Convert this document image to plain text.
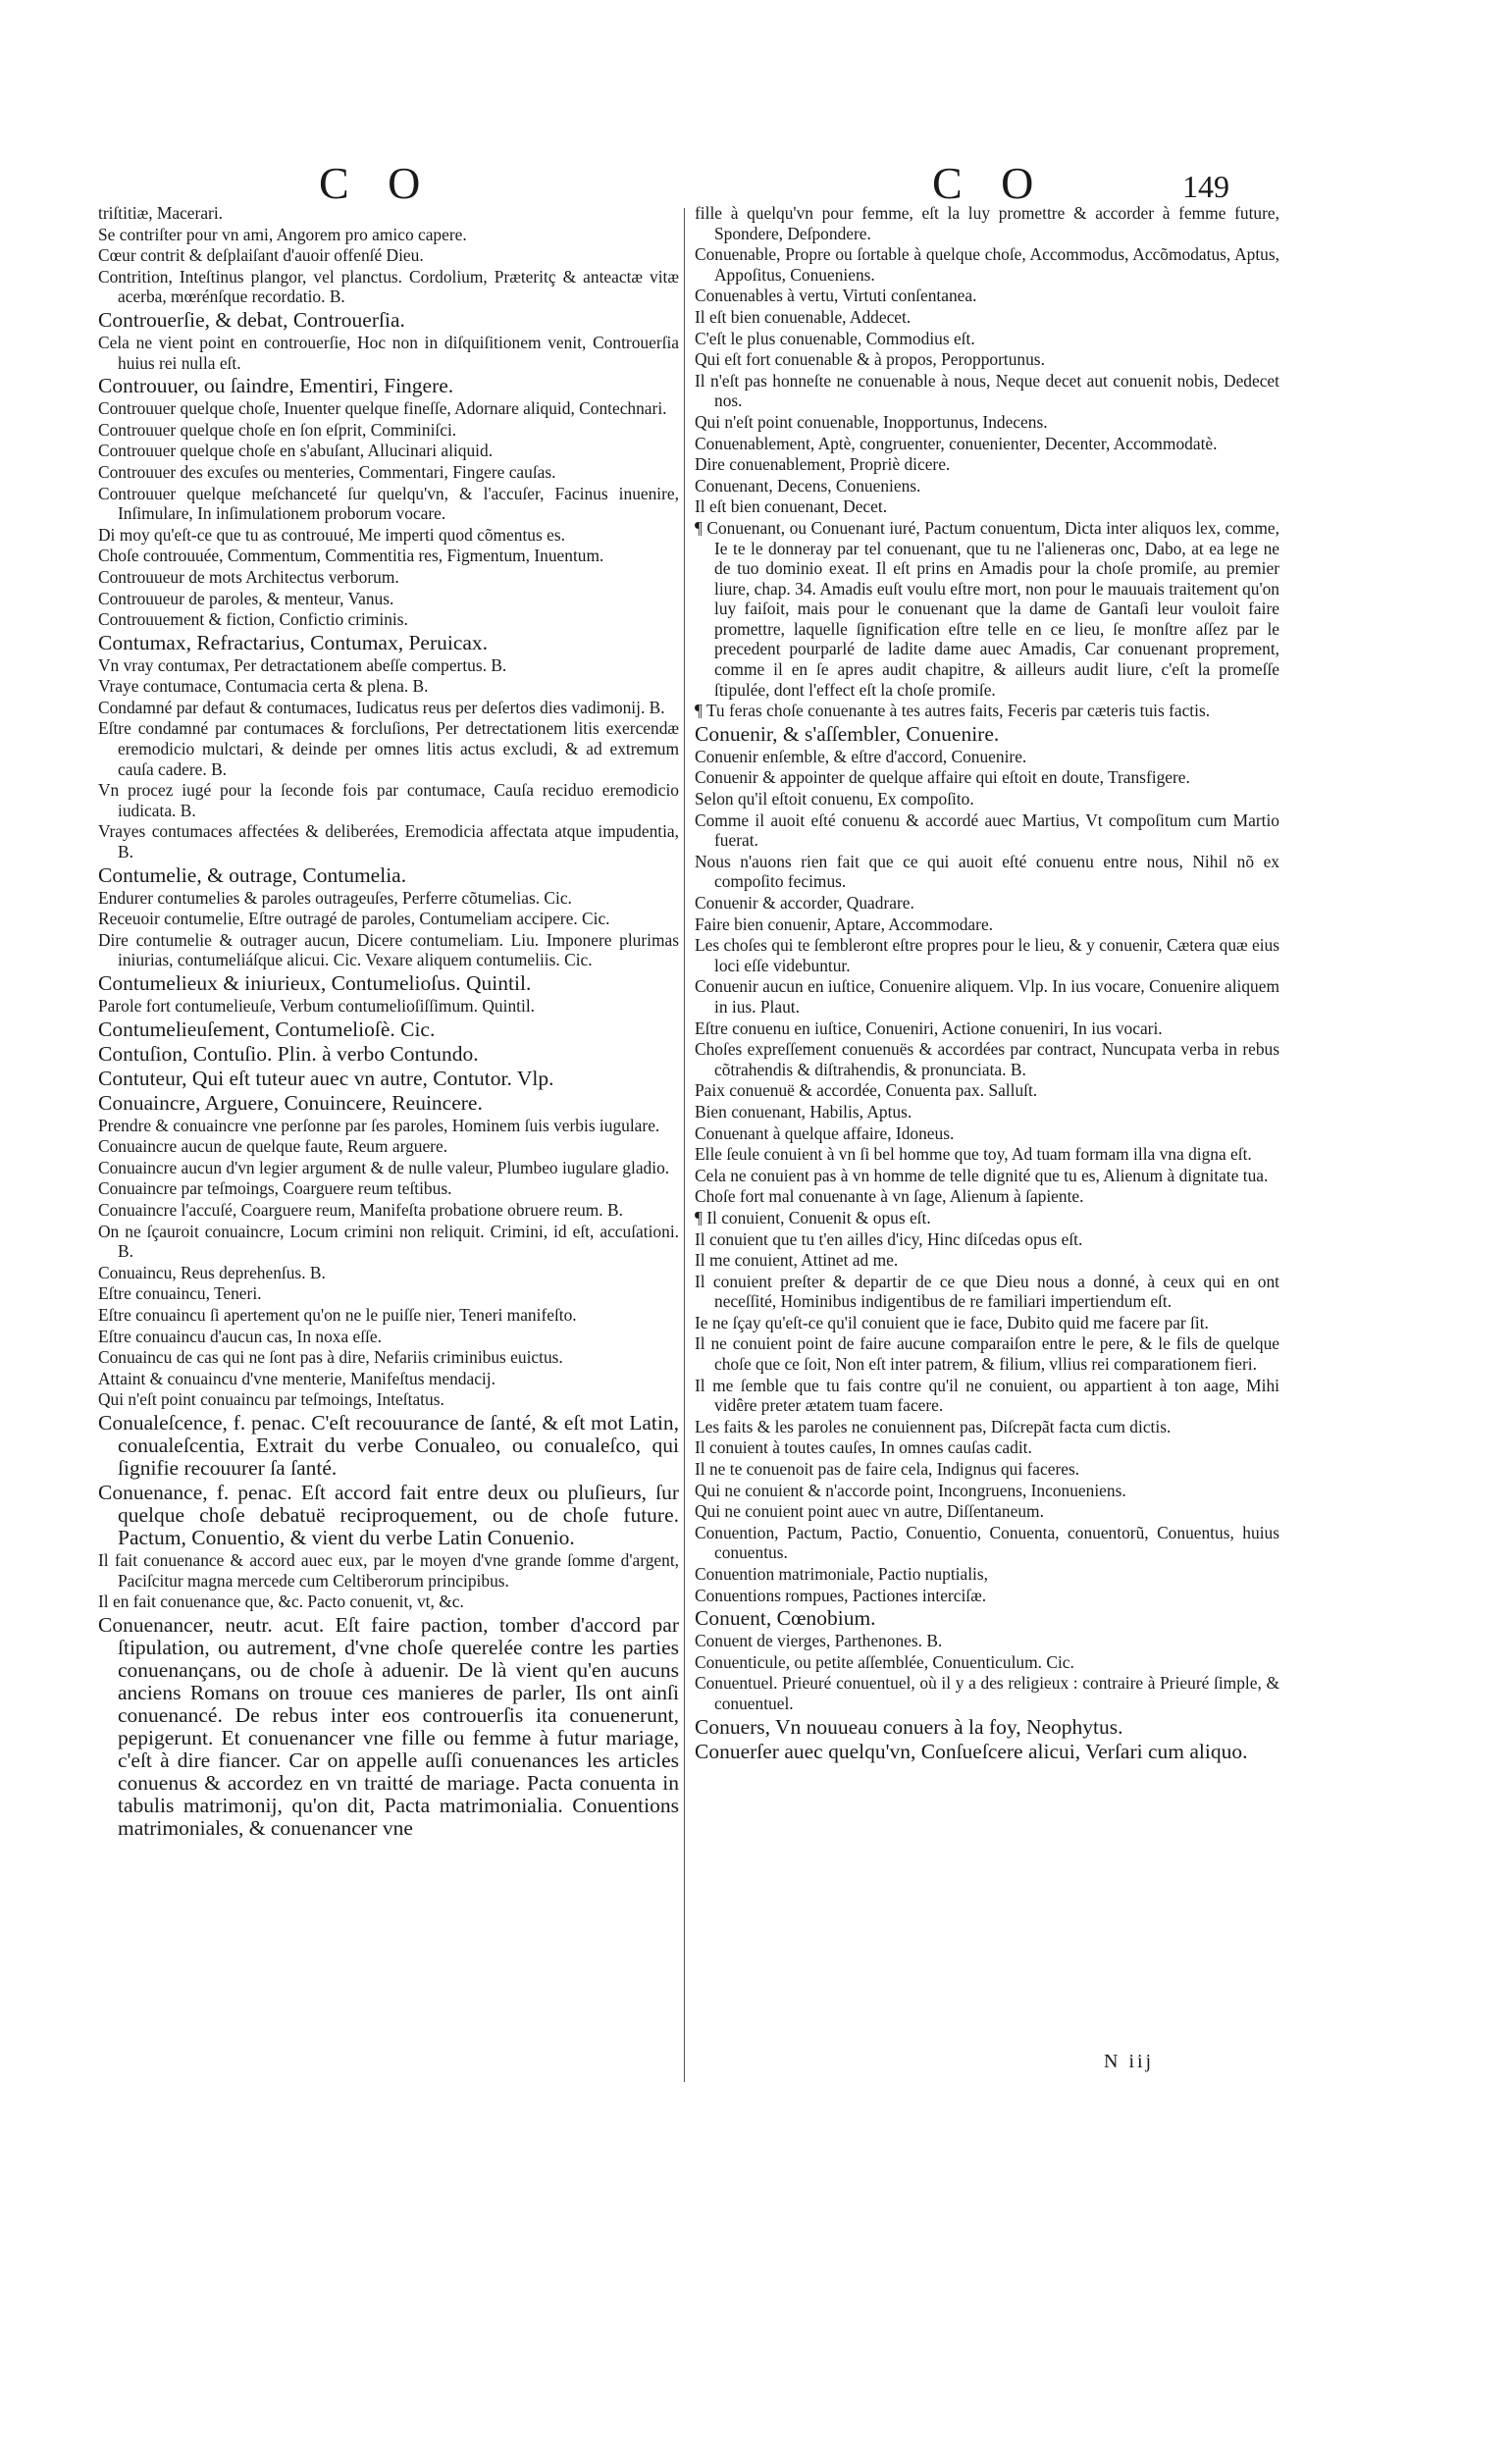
C O	C O	149

triſtitiæ, Macerari.

Se contriſter pour vn ami, Angorem pro amico capere.

Cœur contrit & deſplaiſant d'auoir offenſé Dieu.

Contrition, Inteſtinus plangor, vel planctus. Cordolium, Præteritç & anteactæ vitæ acerba, mœrénſque recordatio. B.

Controuerſie, & debat, Controuerſia.

Cela ne vient point en controuerſie, Hoc non in diſquiſitionem venit, Controuerſia huius rei nulla eſt.

Controuuer, ou ſaindre, Ementiri, Fingere.

Controuuer quelque choſe, Inuenter quelque fineſſe, Adornare aliquid, Contechnari.

Controuuer quelque choſe en ſon eſprit, Comminiſci.

Controuuer quelque choſe en s'abuſant, Allucinari aliquid.

Controuuer des excuſes ou menteries, Commentari, Fingere cauſas.

Controuuer quelque meſchanceté ſur quelqu'vn, & l'accuſer, Facinus inuenire, Inſimulare, In inſimulationem proborum vocare.

Di moy qu'eſt-ce que tu as controuué, Me imperti quod cõmentus es.

Choſe controuuée, Commentum, Commentitia res, Figmentum, Inuentum.

Controuueur de mots Architectus verborum.

Controuueur de paroles, & menteur, Vanus.

Controuuement & fiction, Confictio criminis.

Contumax, Refractarius, Contumax, Peruicax.

Vn vray contumax, Per detractationem abeſſe compertus. B.

Vraye contumace, Contumacia certa & plena. B.

Condamné par defaut & contumaces, Iudicatus reus per deſertos dies vadimonij. B.

Eſtre condamné par contumaces & forcluſions, Per detrectationem litis exercendæ eremodicio mulctari, & deinde per omnes litis actus excludi, & ad extremum cauſa cadere. B.

Vn procez iugé pour la ſeconde fois par contumace, Cauſa reciduo eremodicio iudicata. B.

Vrayes contumaces affectées & deliberées, Eremodicia affectata atque impudentia, B.

Contumelie, & outrage, Contumelia.

Endurer contumelies & paroles outrageuſes, Perferre cõtumelias. Cic.

Receuoir contumelie, Eſtre outragé de paroles, Contumeliam accipere. Cic.

Dire contumelie & outrager aucun, Dicere contumeliam. Liu. Imponere plurimas iniurias, contumeliáſque alicui. Cic. Vexare aliquem contumeliis. Cic.

Contumelieux & iniurieux, Contumelioſus. Quintil.

Parole fort contumelieuſe, Verbum contumelioſiſſimum. Quintil.

Contumelieuſement, Contumelioſè. Cic.

Contuſion, Contuſio. Plin. à verbo Contundo.

Contuteur, Qui eſt tuteur auec vn autre, Contutor. Vlp.

Conuaincre, Arguere, Conuincere, Reuincere.

Prendre & conuaincre vne perſonne par ſes paroles, Hominem ſuis verbis iugulare.

Conuaincre aucun de quelque faute, Reum arguere.

Conuaincre aucun d'vn legier argument & de nulle valeur, Plumbeo iugulare gladio.

Conuaincre par teſmoings, Coarguere reum teſtibus.

Conuaincre l'accuſé, Coarguere reum, Manifeſta probatione obruere reum. B.

On ne ſçauroit conuaincre, Locum crimini non reliquit. Crimini, id eſt, accuſationi. B.

Conuaincu, Reus deprehenſus. B.

Eſtre conuaincu, Teneri.

Eſtre conuaincu ſi apertement qu'on ne le puiſſe nier, Teneri manifeſto.

Eſtre conuaincu d'aucun cas, In noxa eſſe.

Conuaincu de cas qui ne ſont pas à dire, Nefariis criminibus euictus.

Attaint & conuaincu d'vne menterie, Manifeſtus mendacij.

Qui n'eſt point conuaincu par teſmoings, Inteſtatus.

Conualeſcence, f. penac. C'eſt recouurance de ſanté, & eſt mot Latin, conualeſcentia, Extrait du verbe Conualeo, ou conualeſco, qui ſignifie recouurer ſa ſanté.

Conuenance, f. penac. Eſt accord fait entre deux ou pluſieurs, ſur quelque choſe debatuë reciproquement, ou de choſe future. Pactum, Conuentio, & vient du verbe Latin Conuenio.

Il fait conuenance & accord auec eux, par le moyen d'vne grande ſomme d'argent, Paciſcitur magna mercede cum Celtiberorum principibus.

Il en fait conuenance que, &c. Pacto conuenit, vt, &c.

Conuenancer, neutr. acut. Eſt faire paction, tomber d'accord par ſtipulation, ou autrement, d'vne choſe querelée contre les parties conuenançans, ou de choſe à aduenir. De là vient qu'en aucuns anciens Romans on trouue ces manieres de parler, Ils ont ainſi conuenancé. De rebus inter eos controuerſis ita conuenerunt, pepigerunt. Et conuenancer vne fille ou femme à futur mariage, c'eſt à dire fiancer. Car on appelle auſſi conuenances les articles conuenus & accordez en vn traitté de mariage. Pacta conuenta in tabulis matrimonij, qu'on dit, Pacta matrimonialia. Conuentions matrimoniales, & conuenancer vne

fille à quelqu'vn pour femme, eſt la luy promettre & accorder à femme future, Spondere, Deſpondere.

Conuenable, Propre ou ſortable à quelque choſe, Accommodus, Accõmodatus, Aptus, Appoſitus, Conueniens.

Conuenables à vertu, Virtuti conſentanea.

Il eſt bien conuenable, Addecet.

C'eſt le plus conuenable, Commodius eſt.

Qui eſt fort conuenable & à propos, Peropportunus.

Il n'eſt pas honneſte ne conuenable à nous, Neque decet aut conuenit nobis, Dedecet nos.

Qui n'eſt point conuenable, Inopportunus, Indecens.

Conuenablement, Aptè, congruenter, conuenienter, Decenter, Accommodatè.

Dire conuenablement, Propriè dicere.

Conuenant, Decens, Conueniens.

Il eſt bien conuenant, Decet.

¶ Conuenant, ou Conuenant iuré, Pactum conuentum, Dicta inter aliquos lex, comme, Ie te le donneray par tel conuenant, que tu ne l'alieneras onc, Dabo, at ea lege ne de tuo dominio exeat. Il eſt prins en Amadis pour la choſe promiſe, au premier liure, chap. 34. Amadis euſt voulu eſtre mort, non pour le mauuais traitement qu'on luy faiſoit, mais pour le conuenant que la dame de Gantaſi leur vouloit faire promettre, laquelle ſignification eſtre telle en ce lieu, ſe monſtre aſſez par le precedent pourparlé de ladite dame auec Amadis, Car conuenant proprement, comme il en ſe apres audit chapitre, & ailleurs audit liure, c'eſt la promeſſe ſtipulée, dont l'effect eſt la choſe promiſe.

¶ Tu feras choſe conuenante à tes autres faits, Feceris par cæteris tuis factis.

Conuenir, & s'aſſembler, Conuenire.

Conuenir enſemble, & eſtre d'accord, Conuenire.

Conuenir & appointer de quelque affaire qui eſtoit en doute, Transfigere.

Selon qu'il eſtoit conuenu, Ex compoſito.

Comme il auoit eſté conuenu & accordé auec Martius, Vt compoſitum cum Martio fuerat.

Nous n'auons rien fait que ce qui auoit eſté conuenu entre nous, Nihil nõ ex compoſito fecimus.

Conuenir & accorder, Quadrare.

Faire bien conuenir, Aptare, Accommodare.

Les choſes qui te ſembleront eſtre propres pour le lieu, & y conuenir, Cætera quæ eius loci eſſe videbuntur.

Conuenir aucun en iuſtice, Conuenire aliquem. Vlp. In ius vocare, Conuenire aliquem in ius. Plaut.

Eſtre conuenu en iuſtice, Conueniri, Actione conueniri, In ius vocari.

Choſes expreſſement conuenuës & accordées par contract, Nuncupata verba in rebus cõtrahendis & diſtrahendis, & pronunciata. B.

Paix conuenuë & accordée, Conuenta pax. Salluſt.

Bien conuenant, Habilis, Aptus.

Conuenant à quelque affaire, Idoneus.

Elle ſeule conuient à vn ſi bel homme que toy, Ad tuam formam illa vna digna eſt.

Cela ne conuient pas à vn homme de telle dignité que tu es, Alienum à dignitate tua.

Choſe fort mal conuenante à vn ſage, Alienum à ſapiente.

¶ Il conuient, Conuenit & opus eſt.

Il conuient que tu t'en ailles d'icy, Hinc diſcedas opus eſt.

Il me conuient, Attinet ad me.

Il conuient preſter & departir de ce que Dieu nous a donné, à ceux qui en ont neceſſité, Hominibus indigentibus de re familiari impertiendum eſt.

Ie ne ſçay qu'eſt-ce qu'il conuient que ie face, Dubito quid me facere par ſit.

Il ne conuient point de faire aucune comparaiſon entre le pere, & le fils de quelque choſe que ce ſoit, Non eſt inter patrem, & filium, vllius rei comparationem fieri.

Il me ſemble que tu fais contre qu'il ne conuient, ou appartient à ton aage, Mihi vidêre preter ætatem tuam facere.

Les faits & les paroles ne conuiennent pas, Diſcrepãt facta cum dictis.

Il conuient à toutes cauſes, In omnes cauſas cadit.

Il ne te conuenoit pas de faire cela, Indignus qui faceres.

Qui ne conuient & n'accorde point, Incongruens, Inconueniens.

Qui ne conuient point auec vn autre, Diſſentaneum.

Conuention, Pactum, Pactio, Conuentio, Conuenta, conuentorũ, Conuentus, huius conuentus.

Conuention matrimoniale, Pactio nuptialis,

Conuentions rompues, Pactiones interciſæ.

Conuent, Cœnobium.

Conuent de vierges, Parthenones. B.

Conuenticule, ou petite aſſemblée, Conuenticulum. Cic.

Conuentuel. Prieuré conuentuel, où il y a des religieux : contraire à Prieuré ſimple, & conuentuel.

Conuers, Vn nouueau conuers à la foy, Neophytus.

Conuerſer auec quelqu'vn, Conſueſcere alicui, Verſari cum aliquo.

N iij
